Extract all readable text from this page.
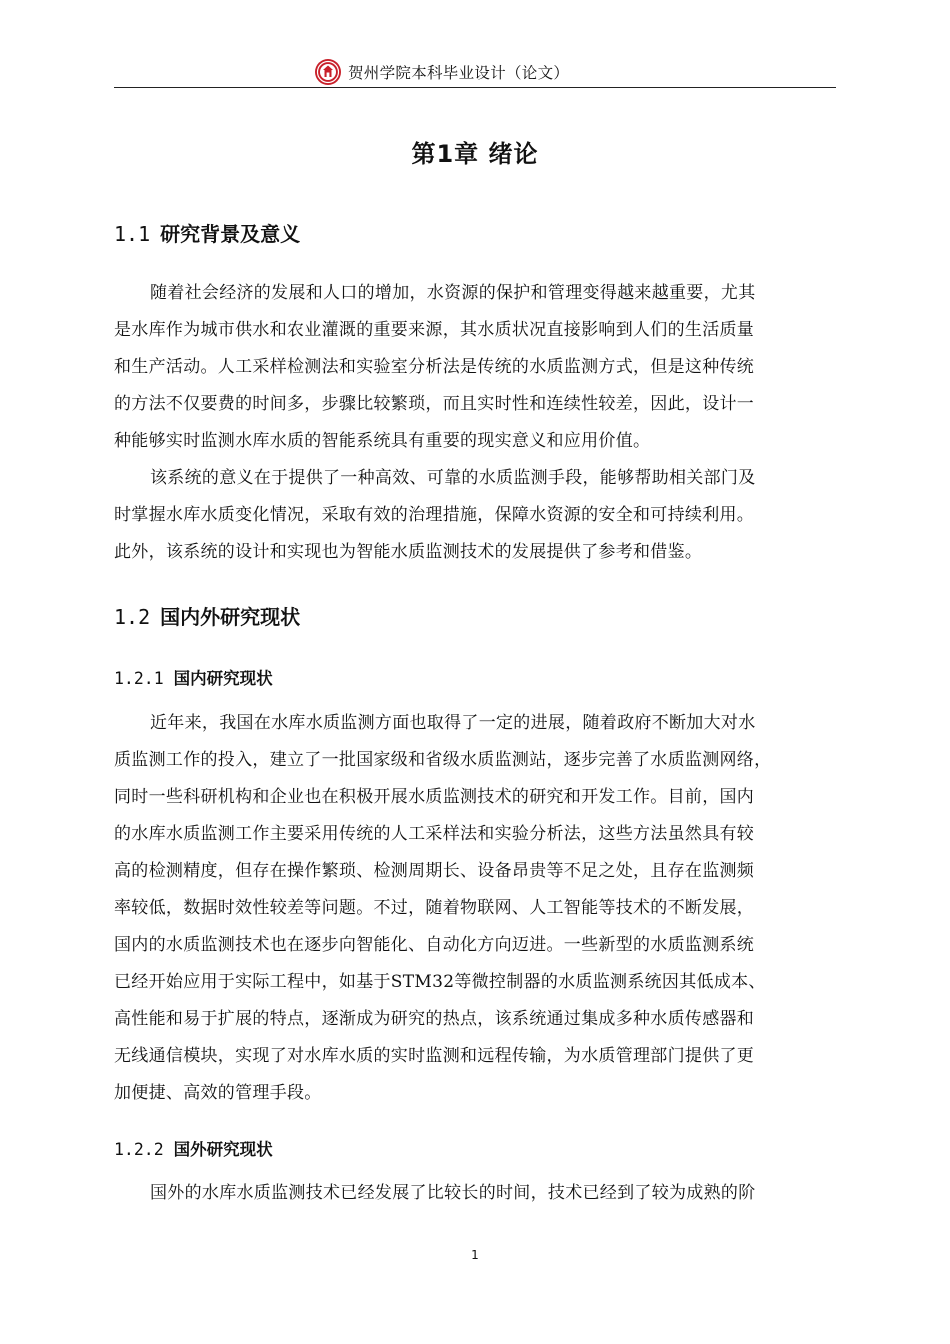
贺州学院本科毕业设计（论文）
第1章 绪论
1.1 研究背景及意义
随着社会经济的发展和人口的增加，水资源的保护和管理变得越来越重要，尤其
是水库作为城市供水和农业灌溉的重要来源，其水质状况直接影响到人们的生活质量
和生产活动。人工采样检测法和实验室分析法是传统的水质监测方式，但是这种传统
的方法不仅要费的时间多，步骤比较繁琐，而且实时性和连续性较差，因此，设计一
种能够实时监测水库水质的智能系统具有重要的现实意义和应用价值。
该系统的意义在于提供了一种高效、可靠的水质监测手段，能够帮助相关部门及
时掌握水库水质变化情况，采取有效的治理措施，保障水资源的安全和可持续利用。
此外，该系统的设计和实现也为智能水质监测技术的发展提供了参考和借鉴。
1.2 国内外研究现状
1.2.1 国内研究现状
近年来，我国在水库水质监测方面也取得了一定的进展，随着政府不断加大对水
质监测工作的投入，建立了一批国家级和省级水质监测站，逐步完善了水质监测网络，
同时一些科研机构和企业也在积极开展水质监测技术的研究和开发工作。目前，国内
的水库水质监测工作主要采用传统的人工采样法和实验分析法，这些方法虽然具有较
高的检测精度，但存在操作繁琐、检测周期长、设备昂贵等不足之处，且存在监测频
率较低，数据时效性较差等问题。不过，随着物联网、人工智能等技术的不断发展，
国内的水质监测技术也在逐步向智能化、自动化方向迈进。一些新型的水质监测系统
已经开始应用于实际工程中，如基于STM32等微控制器的水质监测系统因其低成本、
高性能和易于扩展的特点，逐渐成为研究的热点，该系统通过集成多种水质传感器和
无线通信模块，实现了对水库水质的实时监测和远程传输，为水质管理部门提供了更
加便捷、高效的管理手段。
1.2.2 国外研究现状
国外的水库水质监测技术已经发展了比较长的时间，技术已经到了较为成熟的阶
1
